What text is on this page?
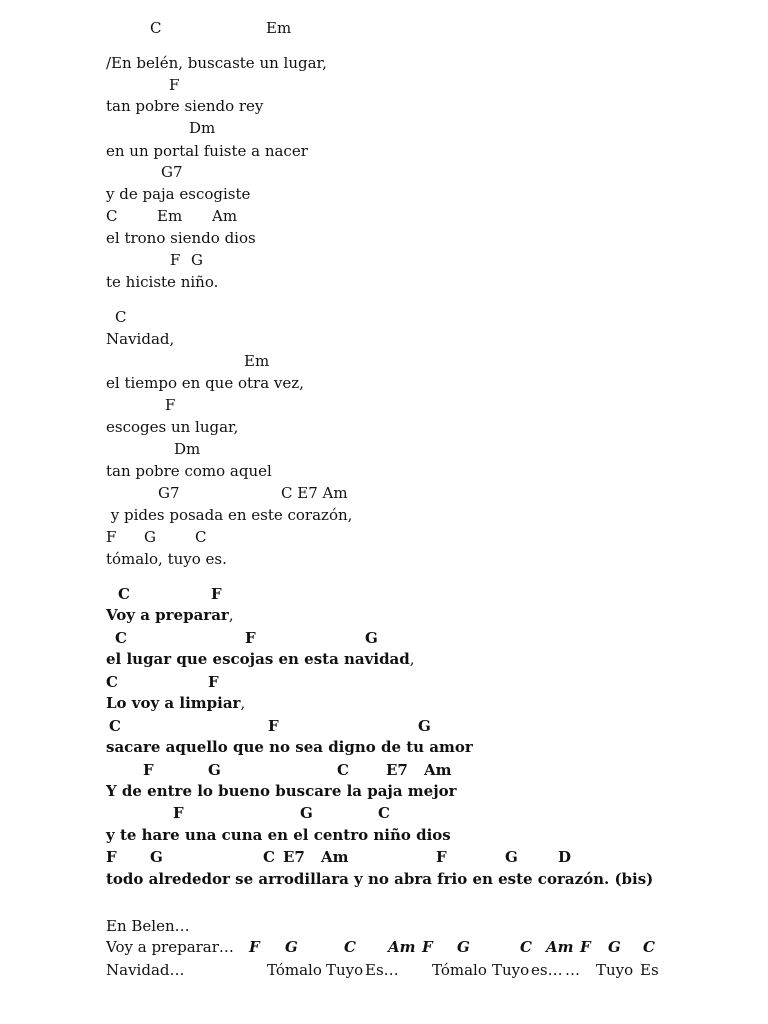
C	Em
/En belén, buscaste un lugar,
F
tan pobre siendo rey
Dm
en un portal fuiste a nacer
G7
y de paja escogiste
C	Em Am
el trono siendo dios
F G
te hiciste niño.
C
Navidad,
Em
el tiempo en que otra vez,
F
escoges un lugar,
Dm
tan pobre como aquel
G7	C E7 Am
y pides posada en este corazón,
F G	C
tómalo, tuyo es.
C	F
Voy a preparar,
C	F	G
el lugar que escojas en esta navidad,
C	F
Lo voy a limpiar,
C	F	G
sacare aquello que no sea digno de tu amor
F	G	C E7 Am
Y de entre lo bueno buscare la paja mejor
F	G	C
y te hare una cuna en el centro niño dios
F G	C E7 Am	F	G	D
todo alrededor se arrodillara y no abra frio en este corazón. (bis)
En Belen…
Voy a preparar… F G	C Am F G	C Am F G C
Navidad…	Tómalo Tuyo Es… Tómalo Tuyo es… … Tuyo Es
